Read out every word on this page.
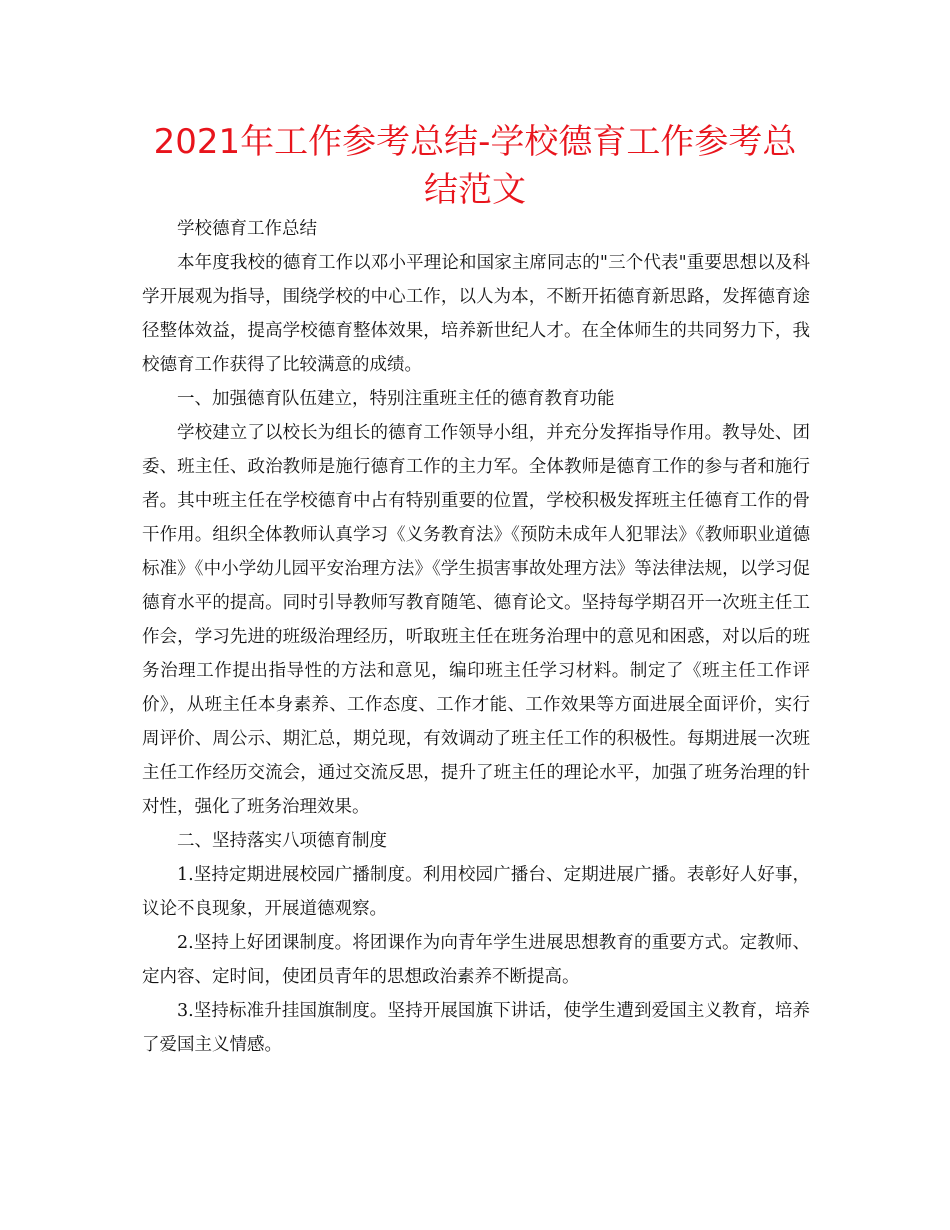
2021年工作参考总结-学校德育工作参考总结范文

学校德育工作总结

本年度我校的德育工作以邓小平理论和国家主席同志的"三个代表"重要思想以及科学开展观为指导，围绕学校的中心工作，以人为本，不断开拓德育新思路，发挥德育途径整体效益，提高学校德育整体效果，培养新世纪人才。在全体师生的共同努力下，我校德育工作获得了比较满意的成绩。

一、加强德育队伍建立，特别注重班主任的德育教育功能

学校建立了以校长为组长的德育工作领导小组，并充分发挥指导作用。教导处、团委、班主任、政治教师是施行德育工作的主力军。全体教师是德育工作的参与者和施行者。其中班主任在学校德育中占有特别重要的位置，学校积极发挥班主任德育工作的骨干作用。组织全体教师认真学习《义务教育法》《预防未成年人犯罪法》《教师职业道德标准》《中小学幼儿园平安治理方法》《学生损害事故处理方法》等法律法规，以学习促德育水平的提高。同时引导教师写教育随笔、德育论文。坚持每学期召开一次班主任工作会，学习先进的班级治理经历，听取班主任在班务治理中的意见和困惑，对以后的班务治理工作提出指导性的方法和意见，编印班主任学习材料。制定了《班主任工作评价》，从班主任本身素养、工作态度、工作才能、工作效果等方面进展全面评价，实行周评价、周公示、期汇总，期兑现，有效调动了班主任工作的积极性。每期进展一次班主任工作经历交流会，通过交流反思，提升了班主任的理论水平，加强了班务治理的针对性，强化了班务治理效果。

二、坚持落实八项德育制度

1.坚持定期进展校园广播制度。利用校园广播台、定期进展广播。表彰好人好事，议论不良现象，开展道德观察。

2.坚持上好团课制度。将团课作为向青年学生进展思想教育的重要方式。定教师、定内容、定时间，使团员青年的思想政治素养不断提高。

3.坚持标准升挂国旗制度。坚持开展国旗下讲话，使学生遭到爱国主义教育，培养了爱国主义情感。
